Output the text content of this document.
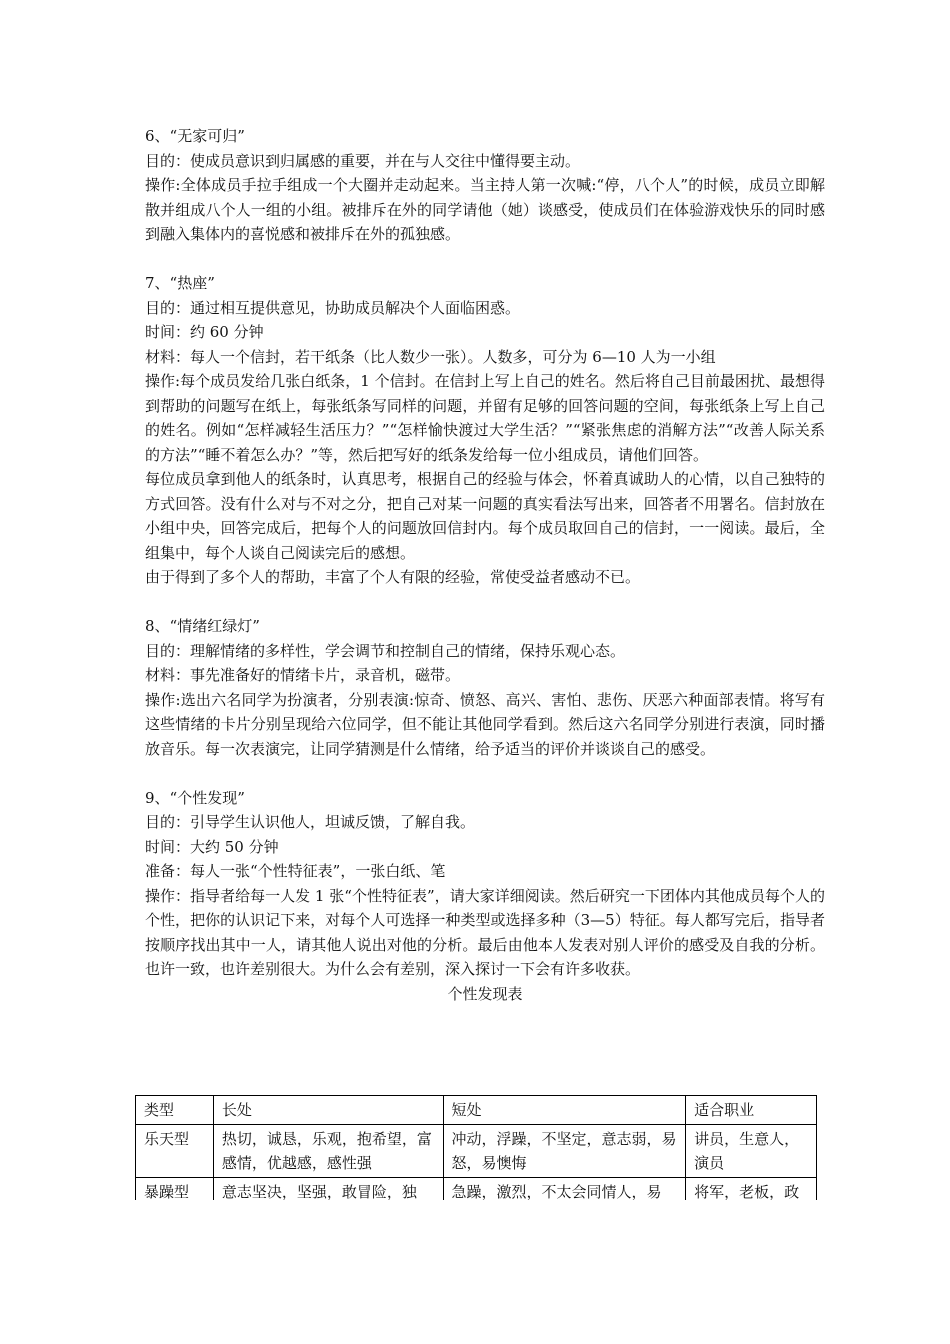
6、“无家可归”

目的：使成员意识到归属感的重要，并在与人交往中懂得要主动。

操作:全体成员手拉手组成一个大圈并走动起来。当主持人第一次喊:“停，八个人”的时候，成员立即解散并组成八个人一组的小组。被排斥在外的同学请他（她）谈感受，使成员们在体验游戏快乐的同时感到融入集体内的喜悦感和被排斥在外的孤独感。

7、“热座”

目的：通过相互提供意见，协助成员解决个人面临困惑。

时间：约 60 分钟

材料：每人一个信封，若干纸条（比人数少一张）。人数多，可分为 6—10 人为一小组

操作:每个成员发给几张白纸条，1 个信封。在信封上写上自己的姓名。然后将自己目前最困扰、最想得到帮助的问题写在纸上，每张纸条写同样的问题，并留有足够的回答问题的空间，每张纸条上写上自己的姓名。例如“怎样减轻生活压力？”“怎样愉快渡过大学生活？”“紧张焦虑的消解方法”“改善人际关系的方法”“睡不着怎么办？”等，然后把写好的纸条发给每一位小组成员，请他们回答。

每位成员拿到他人的纸条时，认真思考，根据自己的经验与体会，怀着真诚助人的心情，以自己独特的方式回答。没有什么对与不对之分，把自己对某一问题的真实看法写出来，回答者不用署名。信封放在小组中央，回答完成后，把每个人的问题放回信封内。每个成员取回自己的信封，一一阅读。最后，全组集中，每个人谈自己阅读完后的感想。

由于得到了多个人的帮助，丰富了个人有限的经验，常使受益者感动不已。

8、“情绪红绿灯”

目的：理解情绪的多样性，学会调节和控制自己的情绪，保持乐观心态。

材料：事先准备好的情绪卡片，录音机，磁带。

操作:选出六名同学为扮演者，分别表演:惊奇、愤怒、高兴、害怕、悲伤、厌恶六种面部表情。将写有这些情绪的卡片分别呈现给六位同学，但不能让其他同学看到。然后这六名同学分别进行表演，同时播放音乐。每一次表演完，让同学猜测是什么情绪，给予适当的评价并谈谈自己的感受。

9、“个性发现”

目的：引导学生认识他人，坦诚反馈，了解自我。

时间：大约 50 分钟

准备：每人一张“个性特征表”，一张白纸、笔

操作：指导者给每一人发 1 张“个性特征表”，请大家详细阅读。然后研究一下团体内其他成员每个人的个性，把你的认识记下来，对每个人可选择一种类型或选择多种（3—5）特征。每人都写完后，指导者按顺序找出其中一人，请其他人说出对他的分析。最后由他本人发表对别人评价的感受及自我的分析。也许一致，也许差别很大。为什么会有差别，深入探讨一下会有许多收获。

个性发现表

类型	长处	短处	适合职业
乐天型	热切，诚恳，乐观，抱希望，富感情，优越感，感性强	冲动，浮躁，不坚定，意志弱，易怒，易懊悔	讲员，生意人，演员
暴躁型	意志坚决，坚强，敢冒险，独	急躁，激烈，不太会同情人，易	将军，老板，政
